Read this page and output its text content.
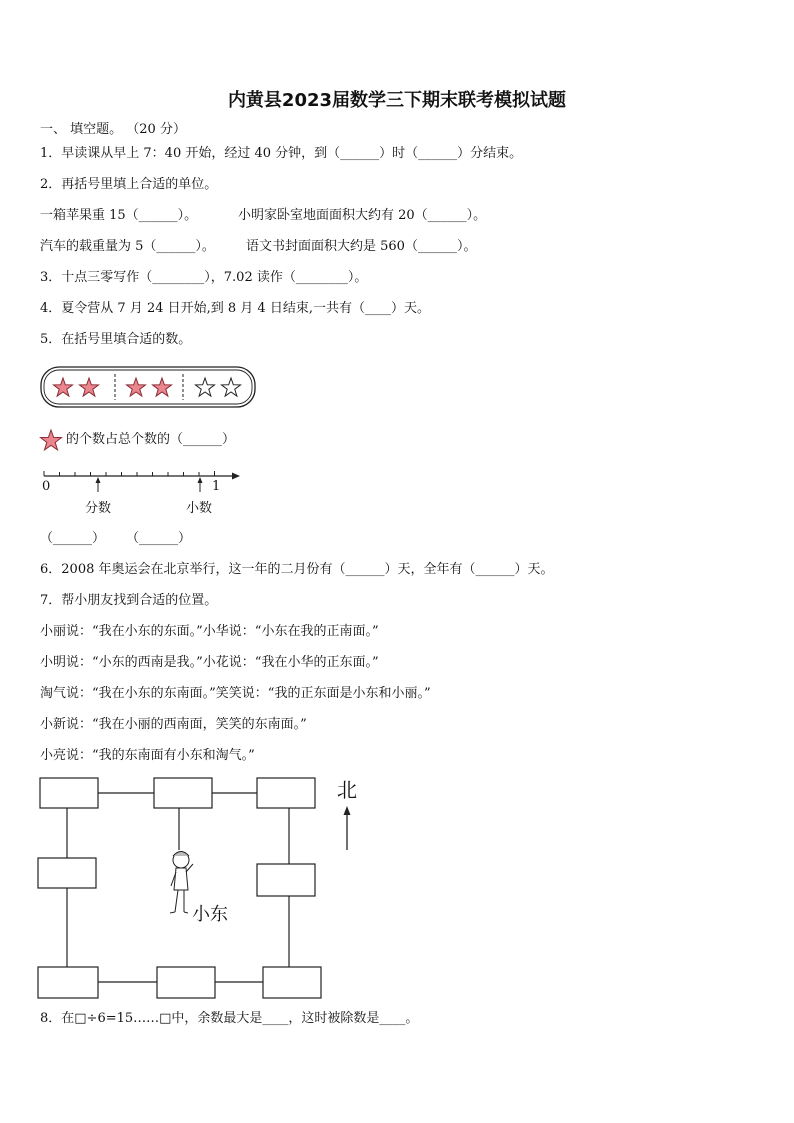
内黄县2023届数学三下期末联考模拟试题
一、 填空题。 （20 分）
1．早读课从早上 7：40 开始，经过 40 分钟，到（______）时（______）分结束。
2．再括号里填上合适的单位。
一箱苹果重 15（______）。	小明家卧室地面面积大约有 20（______）。
汽车的载重量为 5（______）。 语文书封面面积大约是 560（______）。
3．十点三零写作（________），7.02 读作（________）。
4．夏令营从 7 月 24 日开始,到 8 月 4 日结束,一共有（____）天。
5．在括号里填合适的数。
的个数占总个数的（______）
0	1
分数	小数
（______） （______）
6．2008 年奥运会在北京举行，这一年的二月份有（______）天，全年有（______）天。
7．帮小朋友找到合适的位置。
小丽说：“我在小东的东面。”小华说：“小东在我的正南面。”
小明说：“小东的西南是我。”小花说：“我在小华的正东面。”
淘气说：“我在小东的东南面。”笑笑说：“我的正东面是小东和小丽。”
小新说：“我在小丽的西南面，笑笑的东南面。”
小亮说：“我的东南面有小东和淘气。”
北
小东
8．在□÷6=15……□中，余数最大是____，这时被除数是____。
